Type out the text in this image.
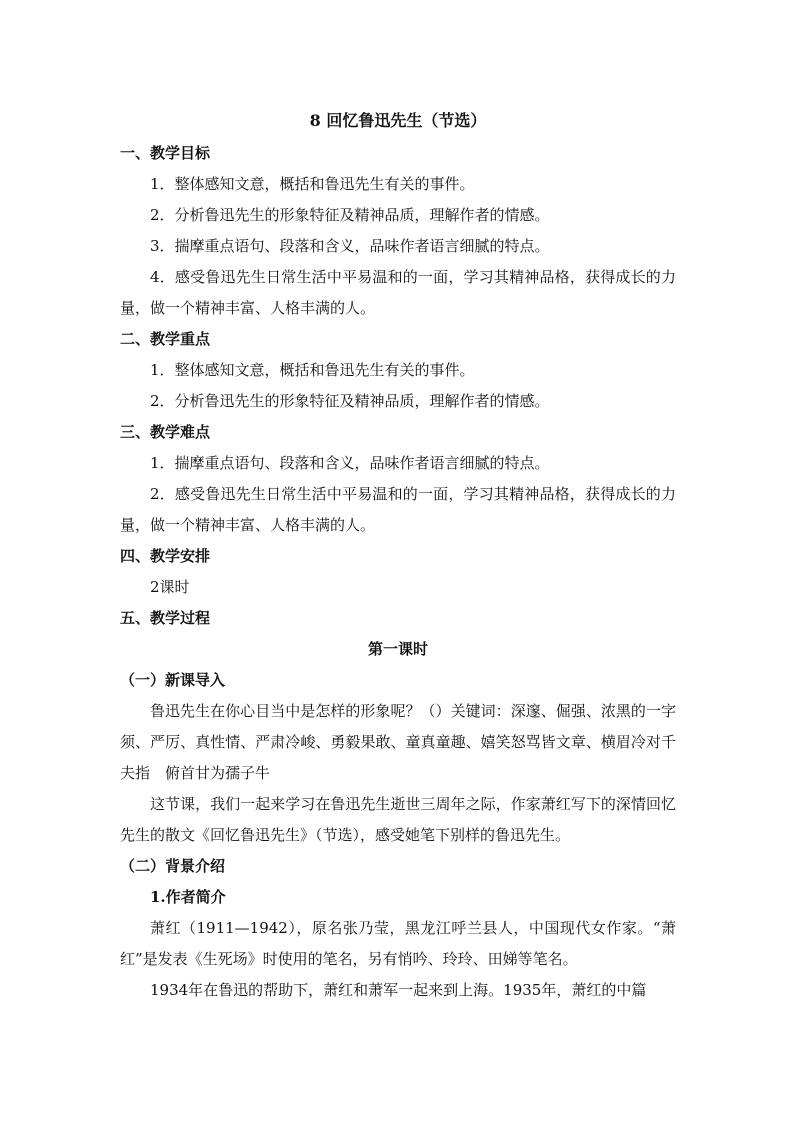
8 回忆鲁迅先生（节选）
一、教学目标
1．整体感知文意，概括和鲁迅先生有关的事件。
2．分析鲁迅先生的形象特征及精神品质，理解作者的情感。
3．揣摩重点语句、段落和含义，品味作者语言细腻的特点。
4．感受鲁迅先生日常生活中平易温和的一面，学习其精神品格，获得成长的力量，做一个精神丰富、人格丰满的人。
二、教学重点
1．整体感知文意，概括和鲁迅先生有关的事件。
2．分析鲁迅先生的形象特征及精神品质，理解作者的情感。
三、教学难点
1．揣摩重点语句、段落和含义，品味作者语言细腻的特点。
2．感受鲁迅先生日常生活中平易温和的一面，学习其精神品格，获得成长的力量，做一个精神丰富、人格丰满的人。
四、教学安排
2课时
五、教学过程
第一课时
（一）新课导入
鲁迅先生在你心目当中是怎样的形象呢？（）关键词：深邃、倔强、浓黑的一字须、严厉、真性情、严肃冷峻、勇毅果敢、童真童趣、嬉笑怒骂皆文章、横眉冷对千夫指　俯首甘为孺子牛
这节课，我们一起来学习在鲁迅先生逝世三周年之际，作家萧红写下的深情回忆先生的散文《回忆鲁迅先生》（节选），感受她笔下别样的鲁迅先生。
（二）背景介绍
1.作者简介
萧红（1911—1942），原名张乃莹，黑龙江呼兰县人，中国现代女作家。“萧红”是发表《生死场》时使用的笔名，另有悄吟、玲玲、田娣等笔名。
1934年在鲁迅的帮助下，萧红和萧军一起来到上海。1935年，萧红的中篇
